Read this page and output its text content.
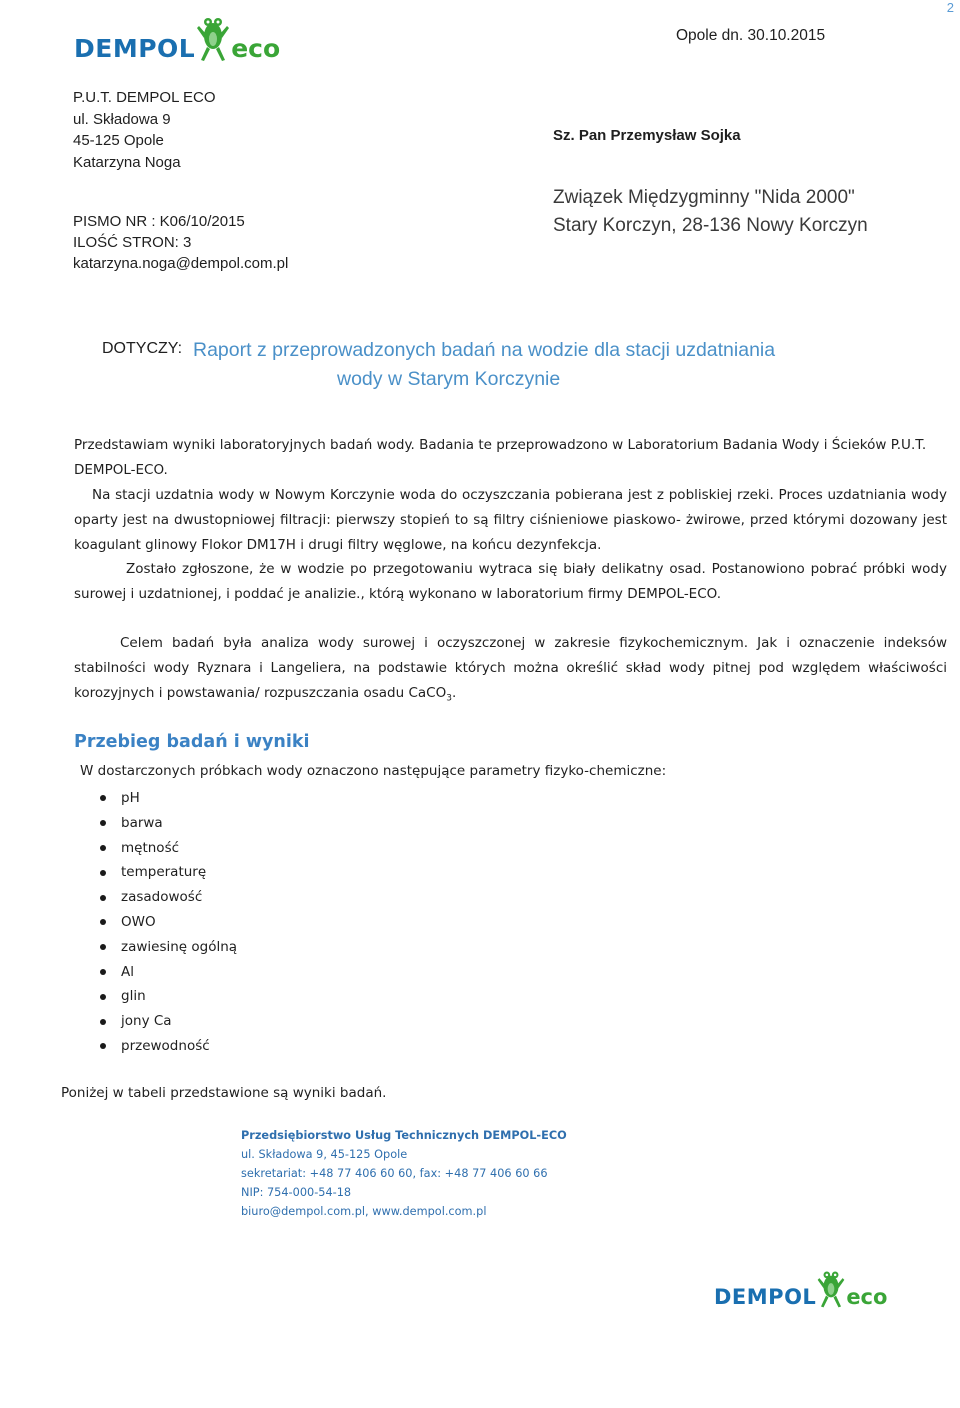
2
DEMPOL eco	Opole dn. 30.10.2015
P.U.T. DEMPOL ECO
ul. Składowa 9
45-125 Opole
Katarzyna Noga
PISMO NR : K06/10/2015
ILOŚĆ STRON: 3
katarzyna.noga@dempol.com.pl
Sz. Pan Przemysław Sojka
Związek Międzygminny "Nida 2000"
Stary Korczyn, 28-136 Nowy Korczyn
DOTYCZY: Raport z przeprowadzonych badań na wodzie dla stacji uzdatniania
wody w Starym Korczynie
Przedstawiam wyniki laboratoryjnych badań wody. Badania te przeprowadzono w Laboratorium Badania Wody i Ścieków P.U.T. DEMPOL-ECO.
Na stacji uzdatnia wody w Nowym Korczynie woda do oczyszczania pobierana jest z pobliskiej rzeki. Proces uzdatniania wody oparty jest na dwustopniowej filtracji: pierwszy stopień to są filtry ciśnieniowe piaskowo- żwirowe, przed którymi dozowany jest koagulant glinowy Flokor DM17H i drugi filtry węglowe, na końcu dezynfekcja.
Zostało zgłoszone, że w wodzie po przegotowaniu wytraca się biały delikatny osad. Postanowiono pobrać próbki wody surowej i uzdatnionej, i poddać je analizie., którą wykonano w laboratorium firmy DEMPOL-ECO.
Celem badań była analiza wody surowej i oczyszczonej w zakresie fizykochemicznym. Jak i oznaczenie indeksów stabilności wody Ryznara i Langeliera, na podstawie których można określić skład wody pitnej pod względem właściwości korozyjnych i powstawania/ rozpuszczania osadu CaCO$_3$.
Przebieg badań i wyniki
W dostarczonych próbkach wody oznaczono następujące parametry fizyko-chemiczne:
pH
barwa
mętność
temperaturę
zasadowość
OWO
zawiesinę ogólną
Al
glin
jony Ca
przewodność
Poniżej w tabeli przedstawione są wyniki badań.
Przedsiębiorstwo Usług Technicznych DEMPOL-ECO
ul. Składowa 9, 45-125 Opole
sekretariat: +48 77 406 60 60, fax: +48 77 406 60 66
NIP: 754-000-54-18
biuro@dempol.com.pl, www.dempol.com.pl
DEMPOL eco
